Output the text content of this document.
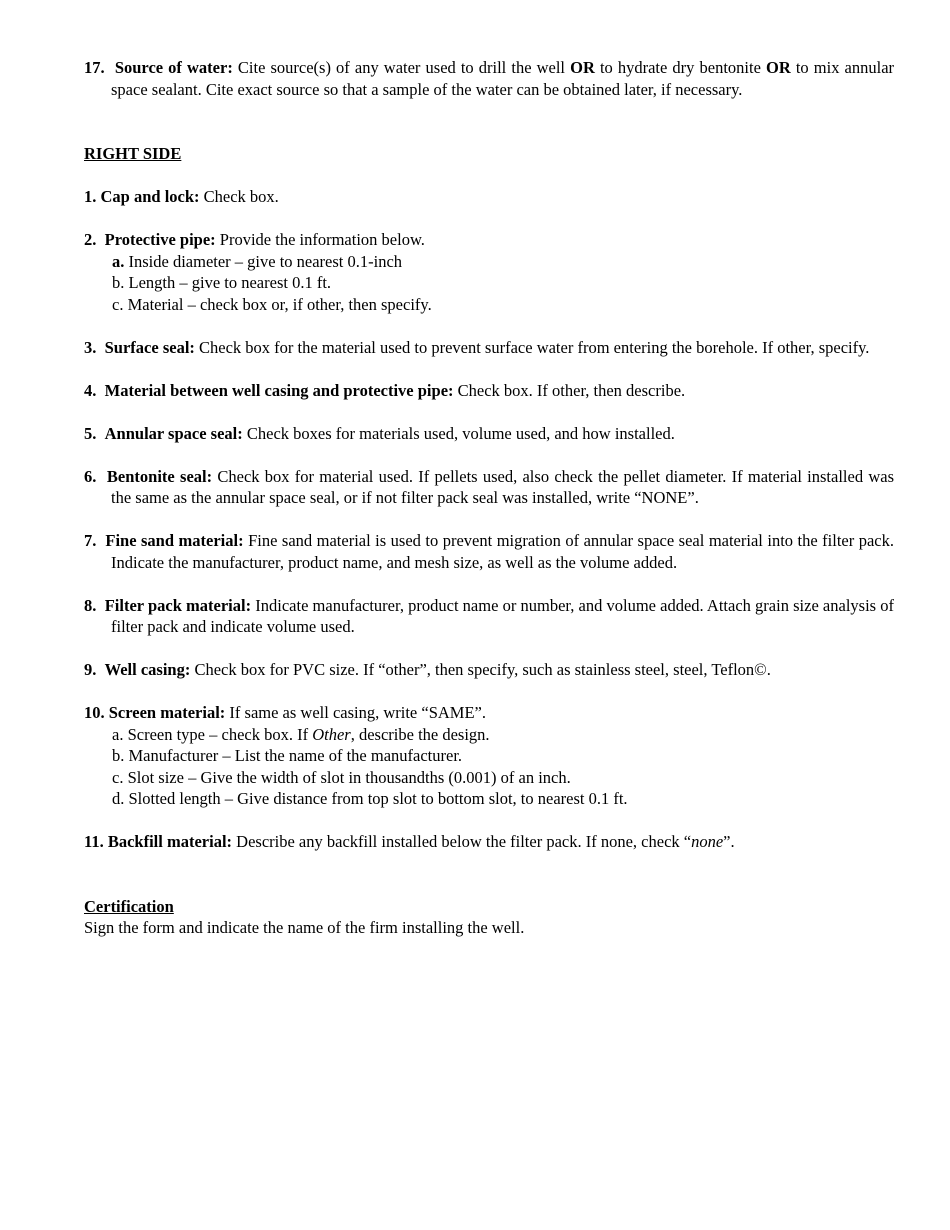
17. Source of water: Cite source(s) of any water used to drill the well OR to hydrate dry bentonite OR to mix annular space sealant. Cite exact source so that a sample of the water can be obtained later, if necessary.

RIGHT SIDE

1. Cap and lock: Check box.

2. Protective pipe: Provide the information below.

a. Inside diameter – give to nearest 0.1-inch

b. Length – give to nearest 0.1 ft.

c. Material – check box or, if other, then specify.

3. Surface seal: Check box for the material used to prevent surface water from entering the borehole. If other, specify.

4. Material between well casing and protective pipe: Check box. If other, then describe.

5. Annular space seal: Check boxes for materials used, volume used, and how installed.

6. Bentonite seal: Check box for material used. If pellets used, also check the pellet diameter. If material installed was the same as the annular space seal, or if not filter pack seal was installed, write “NONE”.

7. Fine sand material: Fine sand material is used to prevent migration of annular space seal material into the filter pack. Indicate the manufacturer, product name, and mesh size, as well as the volume added.

8. Filter pack material: Indicate manufacturer, product name or number, and volume added. Attach grain size analysis of filter pack and indicate volume used.

9. Well casing: Check box for PVC size. If “other”, then specify, such as stainless steel, steel, Teflon©.

10. Screen material: If same as well casing, write “SAME”.

a. Screen type – check box. If Other, describe the design.

b. Manufacturer – List the name of the manufacturer.

c. Slot size – Give the width of slot in thousandths (0.001) of an inch.

d. Slotted length – Give distance from top slot to bottom slot, to nearest 0.1 ft.

11. Backfill material: Describe any backfill installed below the filter pack. If none, check “none”.

Certification

Sign the form and indicate the name of the firm installing the well.
